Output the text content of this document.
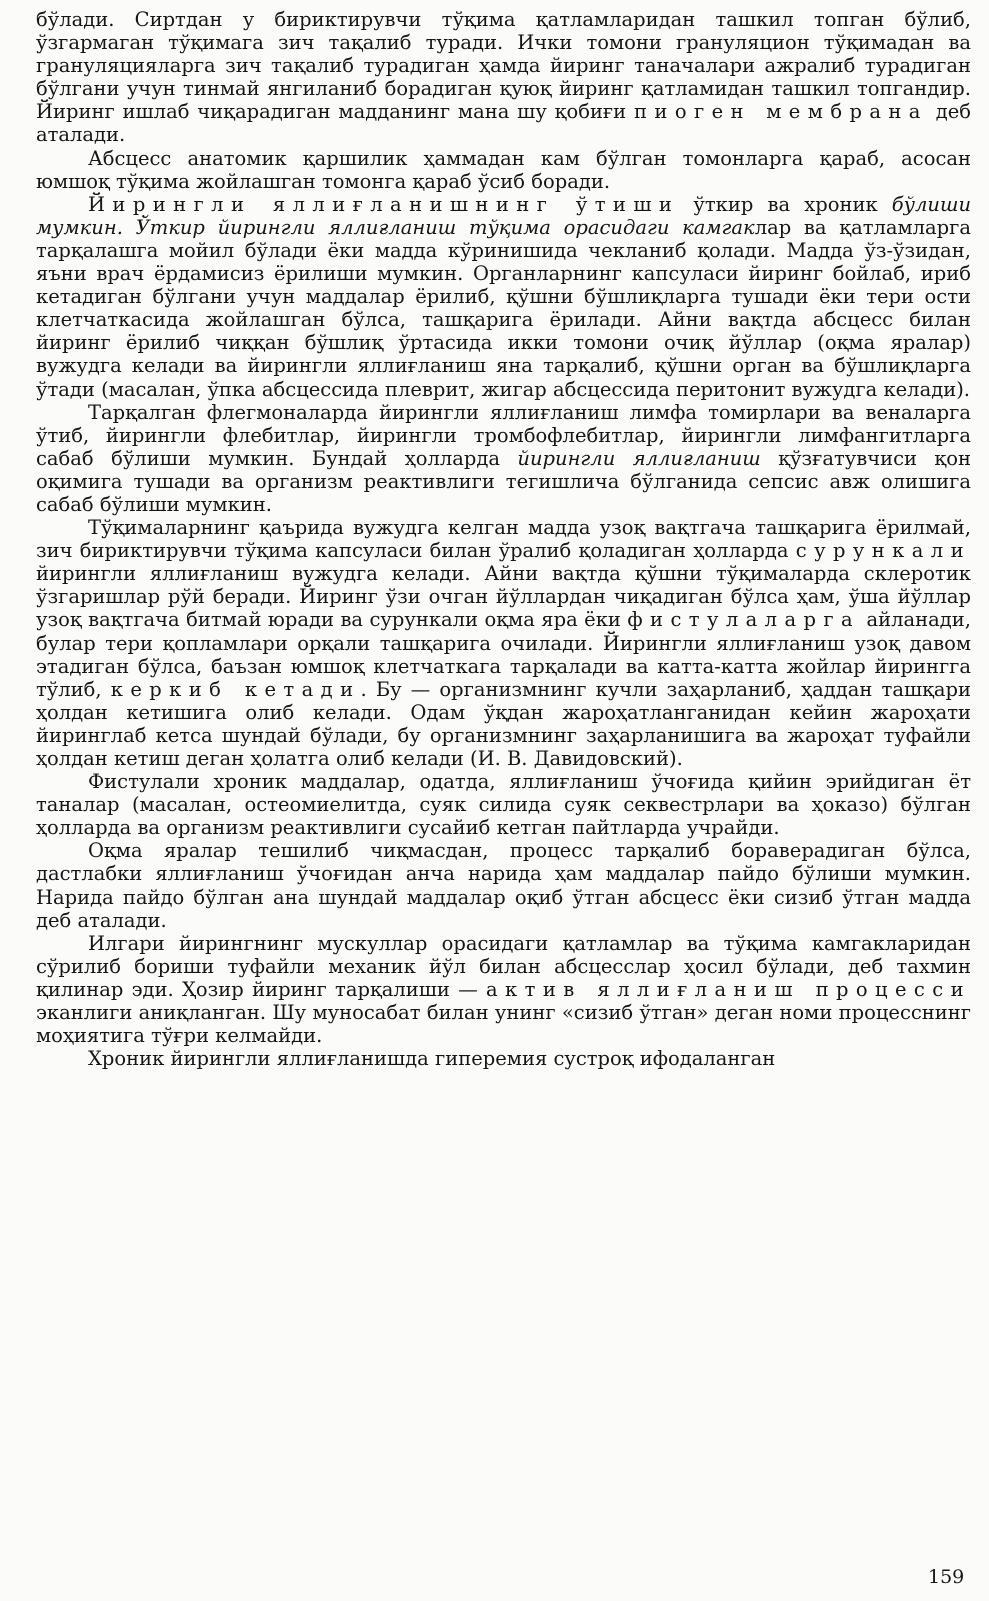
бўлади. Сиртдан у бириктирувчи тўқима қатламларидан ташкил топган бўлиб, ўзгармаган тўқимага зич тақалиб туради. Ички томони грануляцион тўқимадан ва грануляцияларга зич тақалиб турадиган ҳамда йиринг таначалари ажралиб турадиган бўлгани учун тинмай янгиланиб борадиган қуюқ йиринг қатламидан ташкил топгандир. Йиринг ишлаб чиқарадиган мадданинг мана шу қобиғи пиоген мембрана деб аталади.

Абсцесс анатомик қаршилик ҳаммадан кам бўлган томонларга қараб, асосан юмшоқ тўқима жойлашган томонга қараб ўсиб боради.

Йирингли яллиғланишнинг ўтиши ўткир ва хроник бўлиши мумкин. Ўткир йирингли яллиғланиш тўқима орасидаги камгаклар ва қатламларга тарқалашга мойил бўлади ёки мадда кўринишида чекланиб қолади. Мадда ўз-ўзидан, яъни врач ёрдамисиз ёрилиши мумкин. Органларнинг капсуласи йиринг бойлаб, ириб кетадиган бўлгани учун маддалар ёрилиб, қўшни бўшлиқларга тушади ёки тери ости клетчаткасида жойлашган бўлса, ташқарига ёрилади. Айни вақтда абсцесс билан йиринг ёрилиб чиққан бўшлиқ ўртасида икки томони очиқ йўллар (оқма яралар) вужудга келади ва йирингли яллиғланиш яна тарқалиб, қўшни орган ва бўшлиқларга ўтади (масалан, ўпка абсцессида плеврит, жигар абсцессида перитонит вужудга келади).

Тарқалган флегмоналарда йирингли яллиғланиш лимфа томирлари ва веналарга ўтиб, йирингли флебитлар, йирингли тромбофлебитлар, йирингли лимфангитларга сабаб бўлиши мумкин. Бундай ҳолларда йирингли яллиғланиш қўзғатувчиси қон оқимига тушади ва организм реактивлиги тегишлича бўлганида сепсис авж олишига сабаб бўлиши мумкин.

Тўқималарнинг қаърида вужудга келган мадда узоқ вақтгача ташқарига ёрилмай, зич бириктирувчи тўқима капсуласи билан ўралиб қоладиган ҳолларда сурункали йирингли яллиғланиш вужудга келади. Айни вақтда қўшни тўқималарда склеротик ўзгаришлар рўй беради. Йиринг ўзи очган йўллардан чиқадиган бўлса ҳам, ўша йўллар узоқ вақтгача битмай юради ва сурункали оқма яра ёки фистулаларга айланади, булар тери қопламлари орқали ташқарига очилади. Йирингли яллиғланиш узоқ давом этадиган бўлса, баъзан юмшоқ клетчаткага тарқалади ва катта-катта жойлар йирингга тўлиб, керкиб кетади. Бу — организмнинг кучли заҳарланиб, ҳаддан ташқари ҳолдан кетишига олиб келади. Одам ўқдан жароҳатланганидан кейин жароҳати йиринглаб кетса шундай бўлади, бу организмнинг заҳарланишига ва жароҳат туфайли ҳолдан кетиш деган ҳолатга олиб келади (И. В. Давидовский).

Фистулали хроник маддалар, одатда, яллиғланиш ўчоғида қийин эрийдиган ёт таналар (масалан, остеомиелитда, суяк силида суяк секвестрлари ва ҳоказо) бўлган ҳолларда ва организм реактивлиги сусайиб кетган пайтларда учрайди.

Оқма яралар тешилиб чиқмасдан, процесс тарқалиб бораверадиган бўлса, дастлабки яллиғланиш ўчоғидан анча нарида ҳам маддалар пайдо бўлиши мумкин. Нарида пайдо бўлган ана шундай маддалар оқиб ўтган абсцесс ёки сизиб ўтган мадда деб аталади.

Илгари йирингнинг мускуллар орасидаги қатламлар ва тўқима камгакларидан сўрилиб бориши туфайли механик йўл билан абсцесслар ҳосил бўлади, деб тахмин қилинар эди. Ҳозир йиринг тарқалиши — актив яллиғланиш процесси эканлиги аниқланган. Шу муносабат билан унинг «сизиб ўтган» деган номи процесснинг моҳиятига тўғри келмайди.

Хроник йирингли яллиғланишда гиперемия сустроқ ифодаланган

159
